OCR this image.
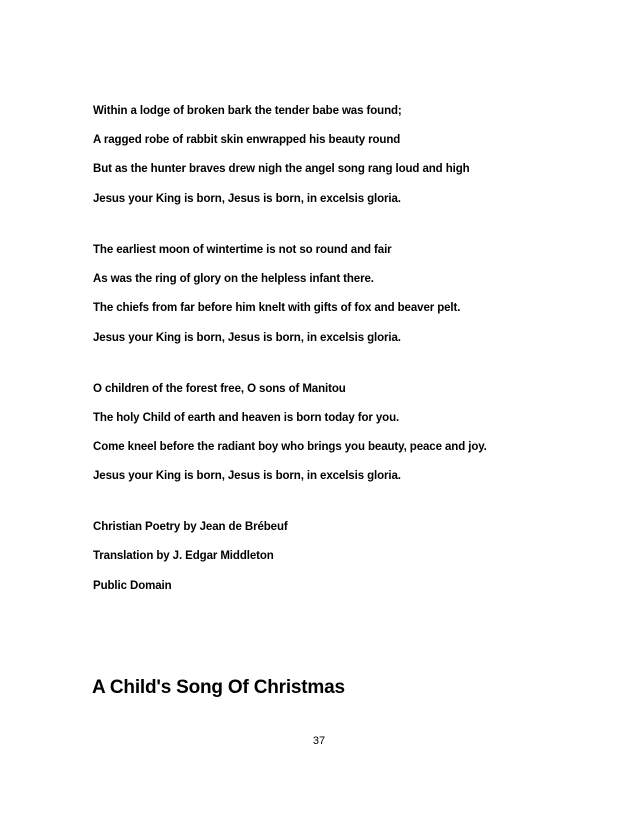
Within a lodge of broken bark the tender babe was found;
A ragged robe of rabbit skin enwrapped his beauty round
But as the hunter braves drew nigh the angel song rang loud and high
Jesus your King is born, Jesus is born, in excelsis gloria.
The earliest moon of wintertime is not so round and fair
As was the ring of glory on the helpless infant there.
The chiefs from far before him knelt with gifts of fox and beaver pelt.
Jesus your King is born, Jesus is born, in excelsis gloria.
O children of the forest free, O sons of Manitou
The holy Child of earth and heaven is born today for you.
Come kneel before the radiant boy who brings you beauty, peace and joy.
Jesus your King is born, Jesus is born, in excelsis gloria.
Christian Poetry by Jean de Brébeuf
Translation by J. Edgar Middleton
Public Domain
A Child's Song Of Christmas
37
